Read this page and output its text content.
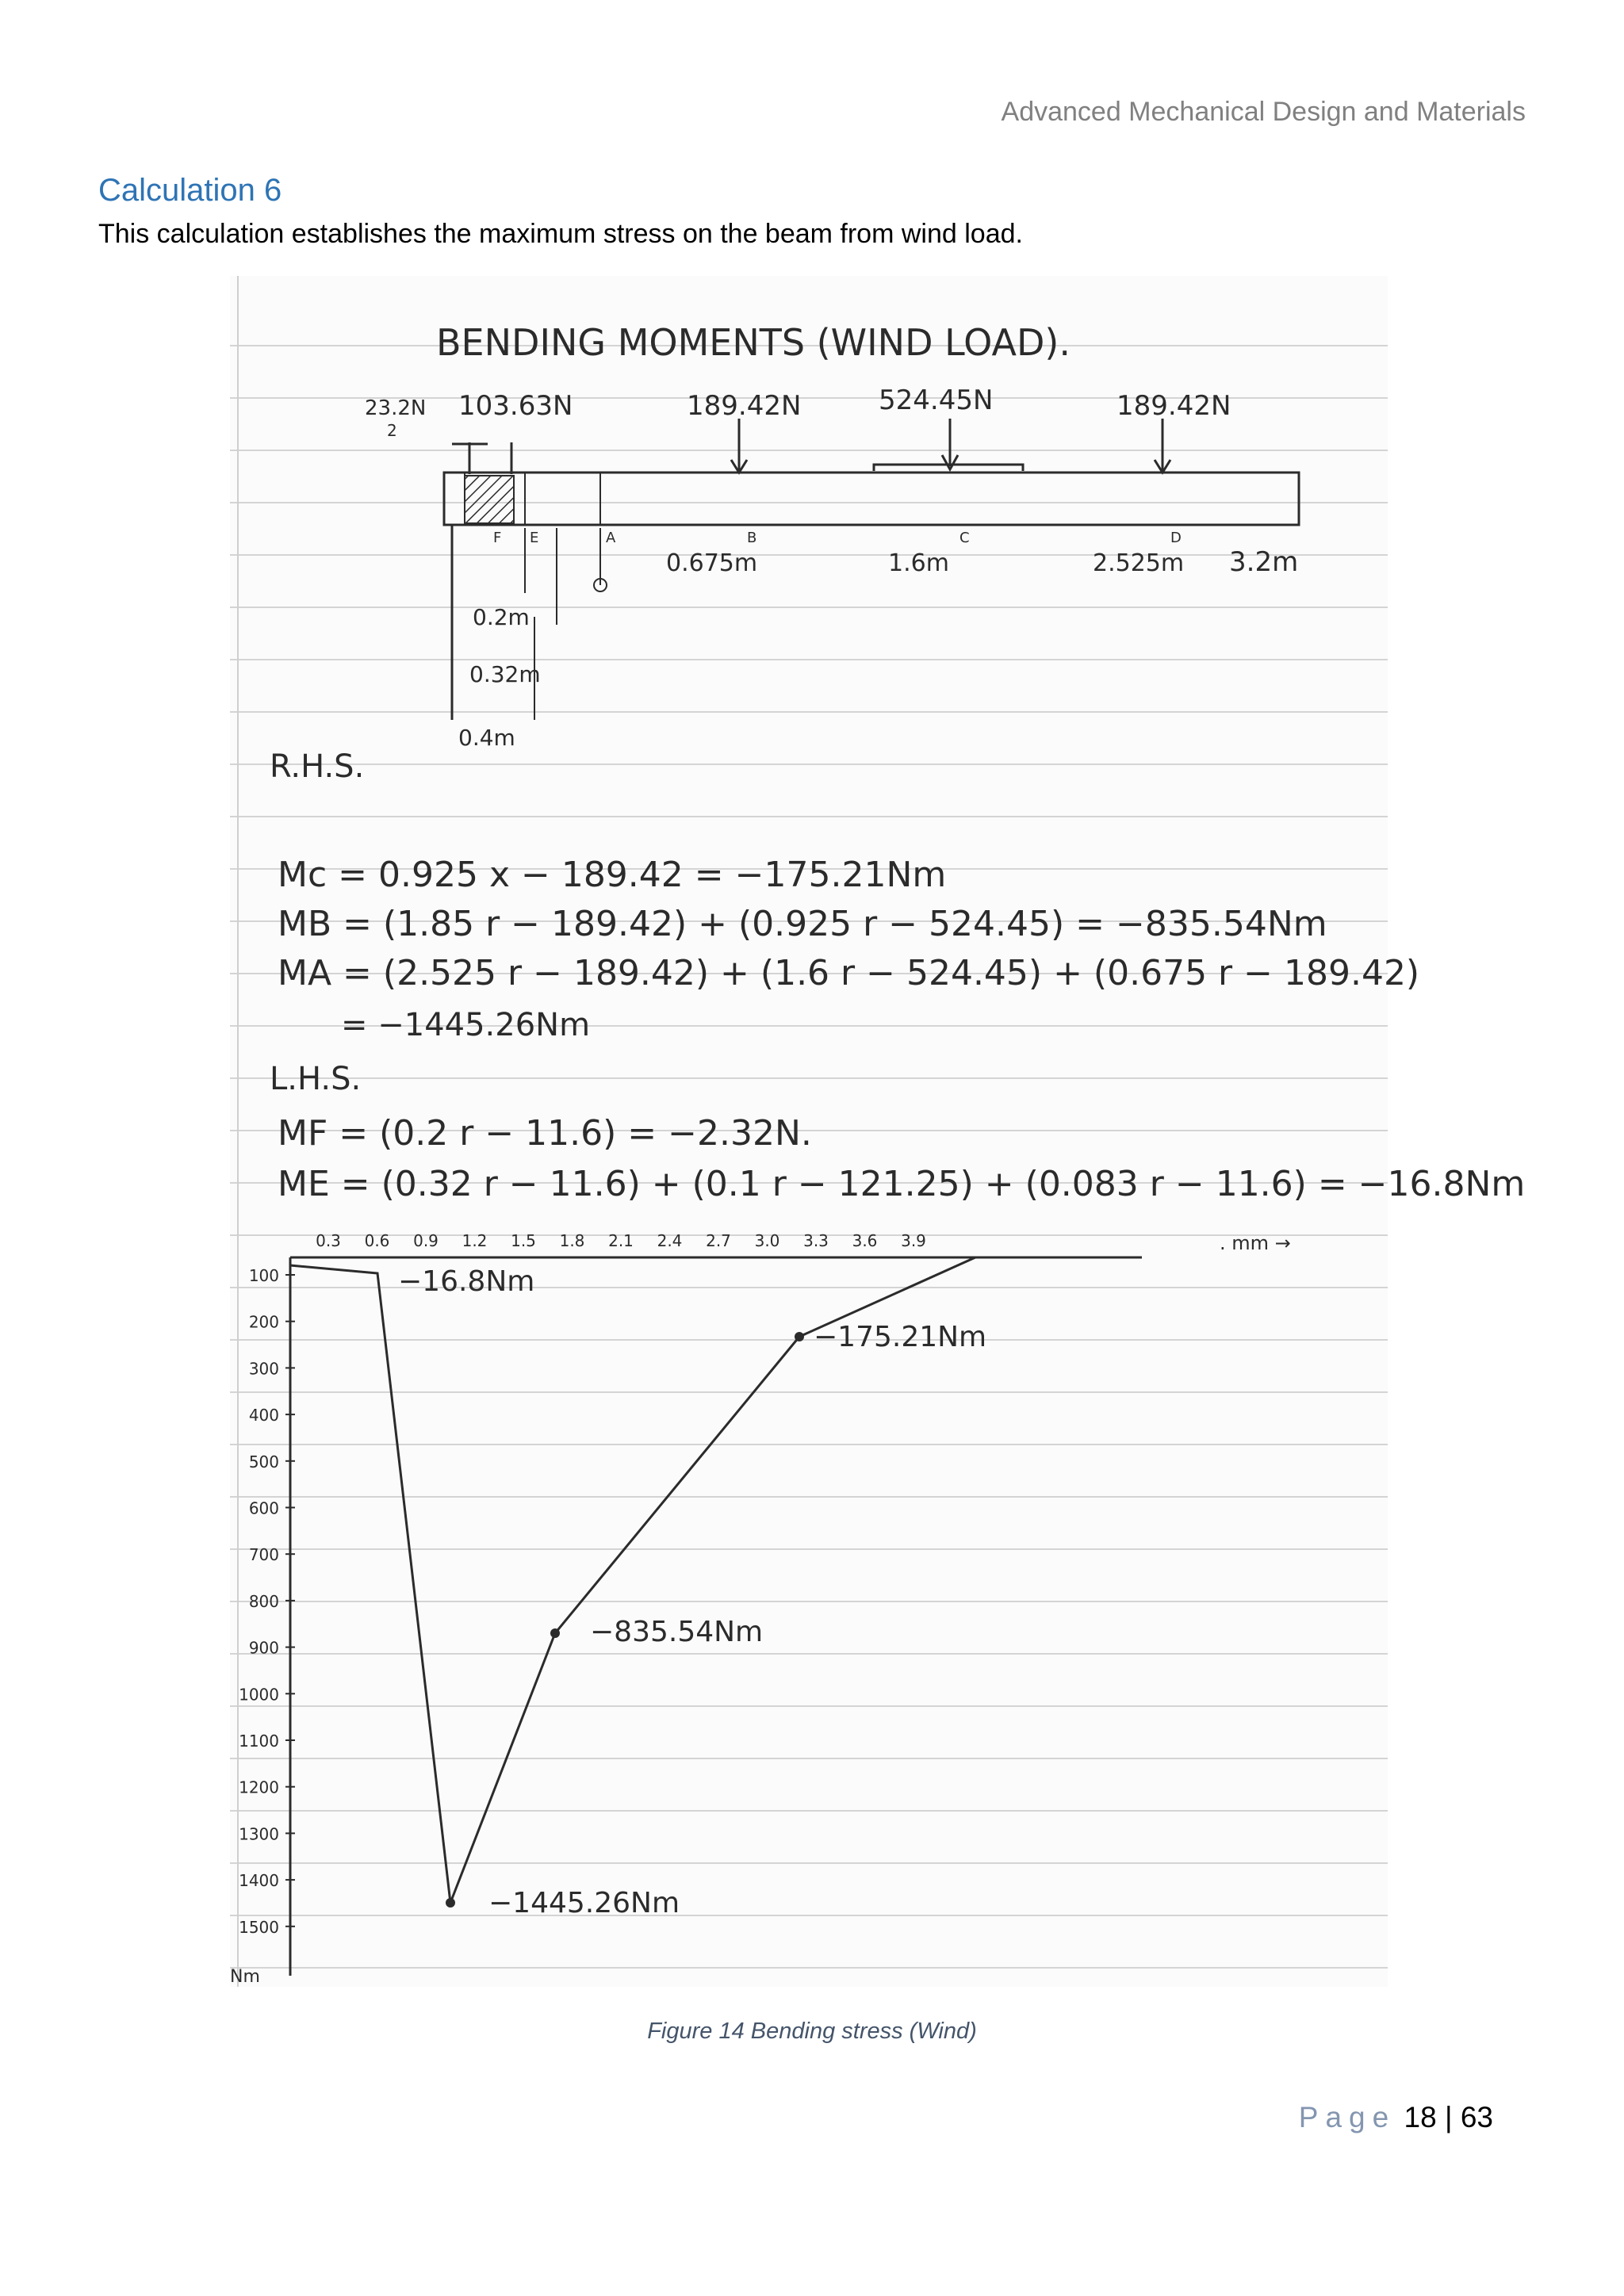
Advanced Mechanical Design and Materials
Calculation 6
This calculation establishes the maximum stress on the beam from wind load.
BENDING MOMENTS (WIND LOAD).
23.2N
2
103.63N	189.42N	524.45N	189.42N
F E	A	B	C	D
0.675m	1.6m	2.525m 3.2m
0.2m
0.32m
0.4m
R.H.S.
Mc = 0.925 x − 189.42 = −175.21Nm
MB = (1.85 r − 189.42) + (0.925 r − 524.45) = −835.54Nm
MA = (2.525 r − 189.42) + (1.6 r − 524.45) + (0.675 r − 189.42)
= −1445.26Nm
L.H.S.
MF = (0.2 r − 11.6) = −2.32N.
ME = (0.32 r − 11.6) + (0.1 r − 121.25) + (0.083 r − 11.6) = −16.8Nm
0.3 0.6 0.9 1.2 1.5 1.8 2.1 2.4 2.7 3.0 3.3 3.6 3.9	. mm →
100
200
300
400
500
600
700
800
900
1000
1100
1200
1300
1400
1500
Nm
−16.8Nm
−175.21Nm
−835.54Nm
−1445.26Nm
Figure 14 Bending stress (Wind)
Page 18 | 63
